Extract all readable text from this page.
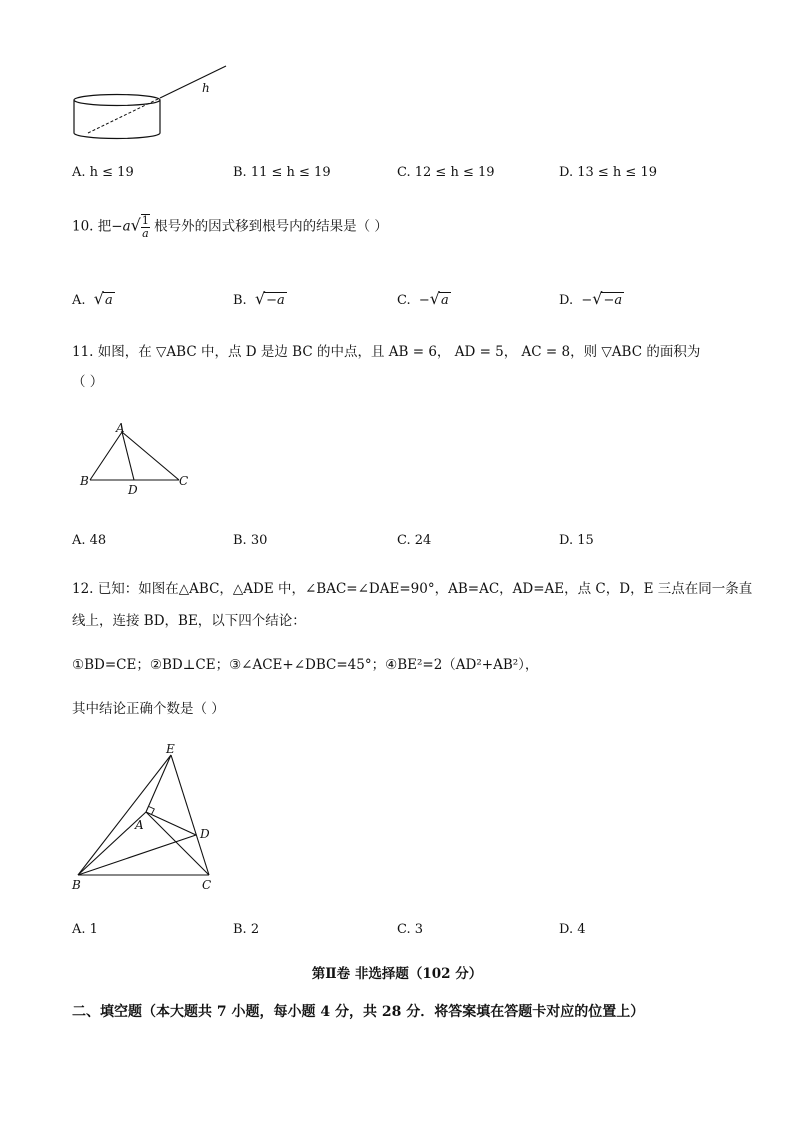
h
A. h ≤ 19	B. 11 ≤ h ≤ 19	C. 12 ≤ h ≤ 19	D. 13 ≤ h ≤ 19
10. 把$-a√ \frac{1}{a}$ 根号外的因式移到根号内的结果是（ ）
A. √a	B. √−a	C. −√a	D. −√−a
11. 如图，在 ▽ABC 中，点 D 是边 BC 的中点，且 AB = 6， AD = 5， AC = 8，则 ▽ABC 的面积为
（ ）
A
B
D
C
A. 48	B. 30	C. 24	D. 15
12. 已知：如图在△ABC，△ADE 中，∠BAC=∠DAE=90°，AB=AC，AD=AE，点 C，D，E 三点在同一条直
线上，连接 BD，BE，以下四个结论：
①BD=CE；②BD⊥CE；③∠ACE+∠DBC=45°；④BE²=2（AD²+AB²），
其中结论正确个数是（ ）
E
A
D
B	C
A. 1	B. 2	C. 3	D. 4
第Ⅱ卷 非选择题（102 分）
二、填空题（本大题共 7 小题，每小题 4 分，共 28 分．将答案填在答题卡对应的位置上）
